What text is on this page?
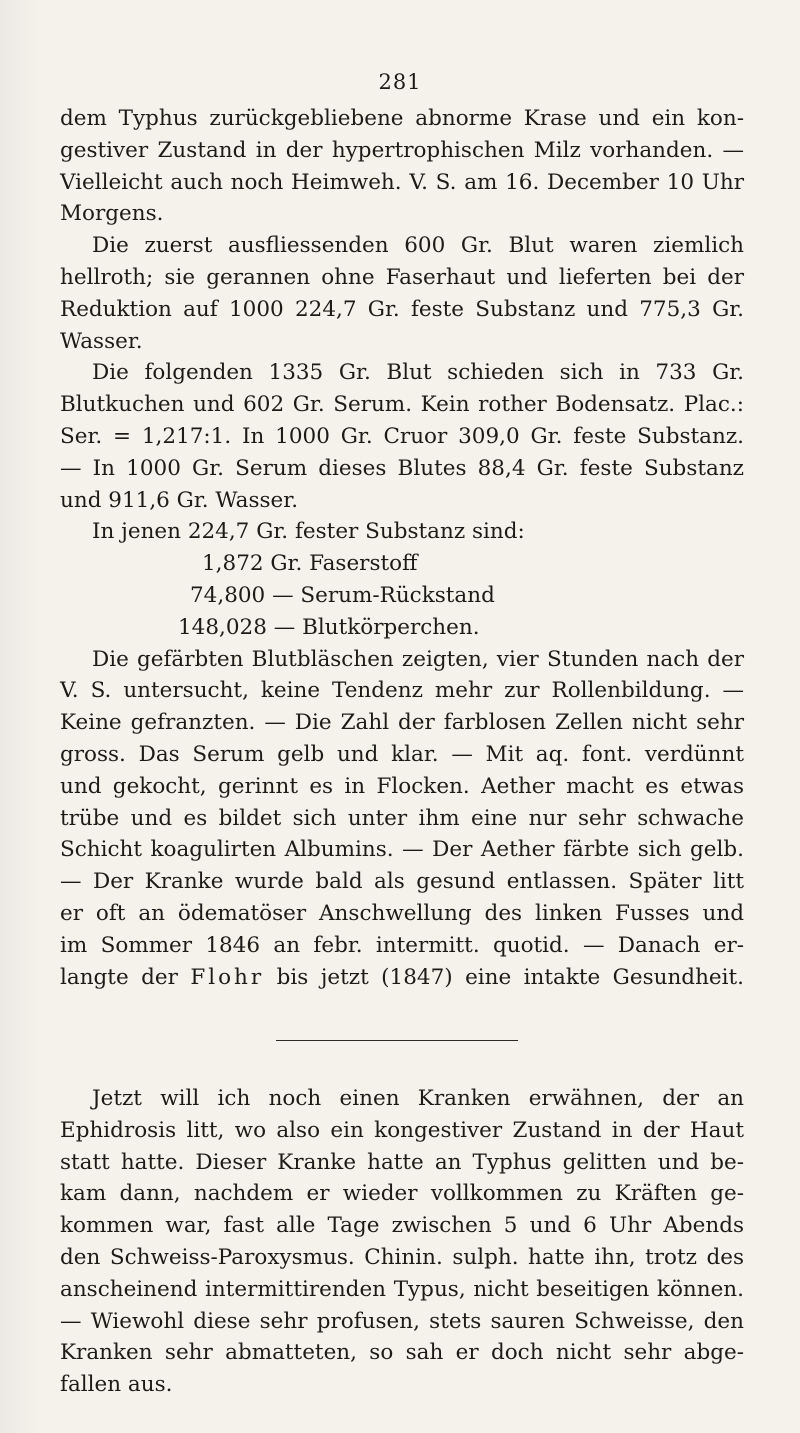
281
dem Typhus zurückgebliebene abnorme Krase und ein kon-
gestiver Zustand in der hypertrophischen Milz vorhanden. —
Vielleicht auch noch Heimweh. V. S. am 16. December 10 Uhr
Morgens.
Die zuerst ausfliessenden 600 Gr. Blut waren ziemlich
hellroth; sie gerannen ohne Faserhaut und lieferten bei der
Reduktion auf 1000 224,7 Gr. feste Substanz und 775,3 Gr.
Wasser.
Die folgenden 1335 Gr. Blut schieden sich in 733 Gr.
Blutkuchen und 602 Gr. Serum. Kein rother Bodensatz. Plac.:
Ser. = 1,217:1. In 1000 Gr. Cruor 309,0 Gr. feste Substanz.
— In 1000 Gr. Serum dieses Blutes 88,4 Gr. feste Substanz
und 911,6 Gr. Wasser.
In jenen 224,7 Gr. fester Substanz sind:
1,872 Gr. Faserstoff
74,800 — Serum-Rückstand
148,028 — Blutkörperchen.
Die gefärbten Blutbläschen zeigten, vier Stunden nach der
V. S. untersucht, keine Tendenz mehr zur Rollenbildung. —
Keine gefranzten. — Die Zahl der farblosen Zellen nicht sehr
gross. Das Serum gelb und klar. — Mit aq. font. verdünnt
und gekocht, gerinnt es in Flocken. Aether macht es etwas
trübe und es bildet sich unter ihm eine nur sehr schwache
Schicht koagulirten Albumins. — Der Aether färbte sich gelb.
— Der Kranke wurde bald als gesund entlassen. Später litt
er oft an ödematöser Anschwellung des linken Fusses und
im Sommer 1846 an febr. intermitt. quotid. — Danach er-
langte der Flohr bis jetzt (1847) eine intakte Gesundheit.
Jetzt will ich noch einen Kranken erwähnen, der an
Ephidrosis litt, wo also ein kongestiver Zustand in der Haut
statt hatte. Dieser Kranke hatte an Typhus gelitten und be-
kam dann, nachdem er wieder vollkommen zu Kräften ge-
kommen war, fast alle Tage zwischen 5 und 6 Uhr Abends
den Schweiss-Paroxysmus. Chinin. sulph. hatte ihn, trotz des
anscheinend intermittirenden Typus, nicht beseitigen können.
— Wiewohl diese sehr profusen, stets sauren Schweisse, den
Kranken sehr abmatteten, so sah er doch nicht sehr abge-
fallen aus.
